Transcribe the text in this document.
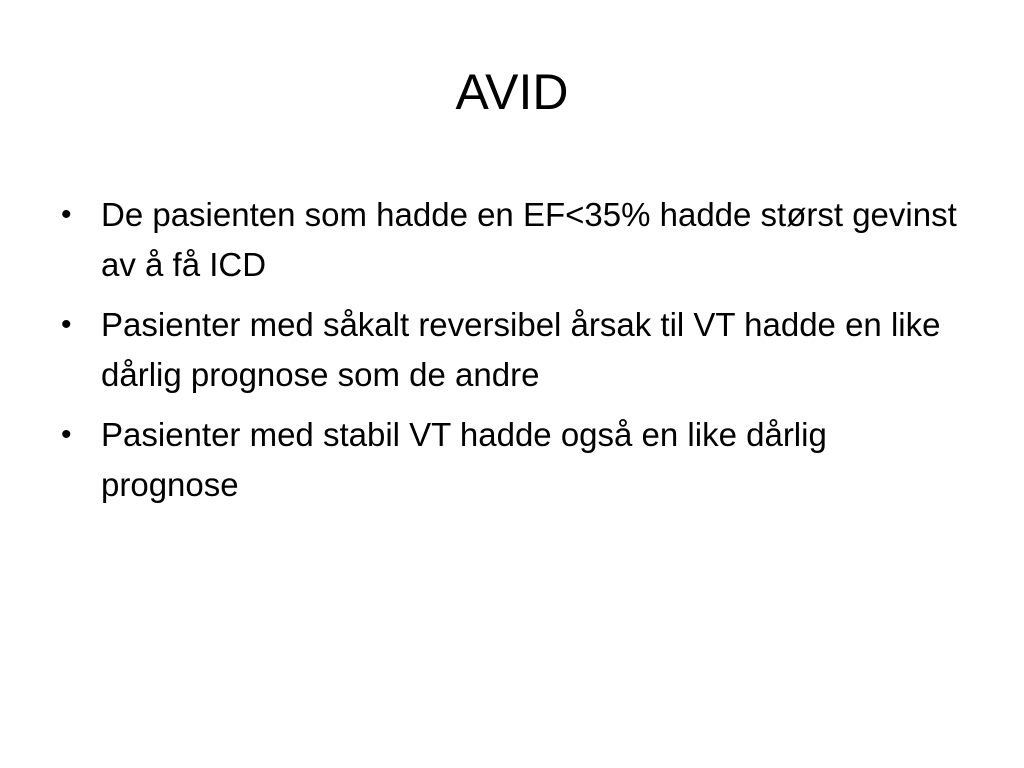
AVID
• De pasienten som hadde en EF<35% hadde størst gevinst av å få ICD
• Pasienter med såkalt reversibel årsak til VT hadde en like dårlig prognose som de andre
• Pasienter med stabil VT hadde også en like dårlig prognose
